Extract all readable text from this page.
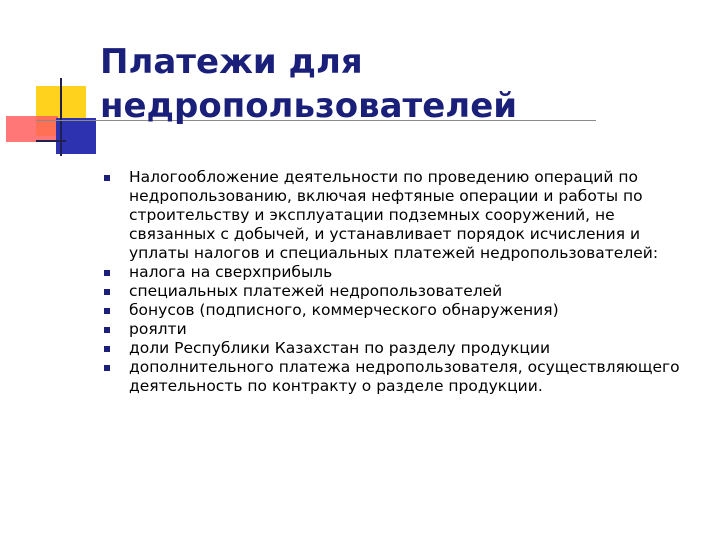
Платежи для
недропользователей
Налогообложение деятельности по проведению операций по недропользованию, включая нефтяные операции и работы по строительству и эксплуатации подземных сооружений, не связанных с добычей, и устанавливает порядок исчисления и уплаты налогов и специальных платежей недропользователей:
налога на сверхприбыль
специальных платежей недропользователей
бонусов (подписного, коммерческого обнаружения)
роялти
доли Республики Казахстан по разделу продукции
дополнительного платежа недропользователя, осуществляющего деятельность по контракту о разделе продукции.
